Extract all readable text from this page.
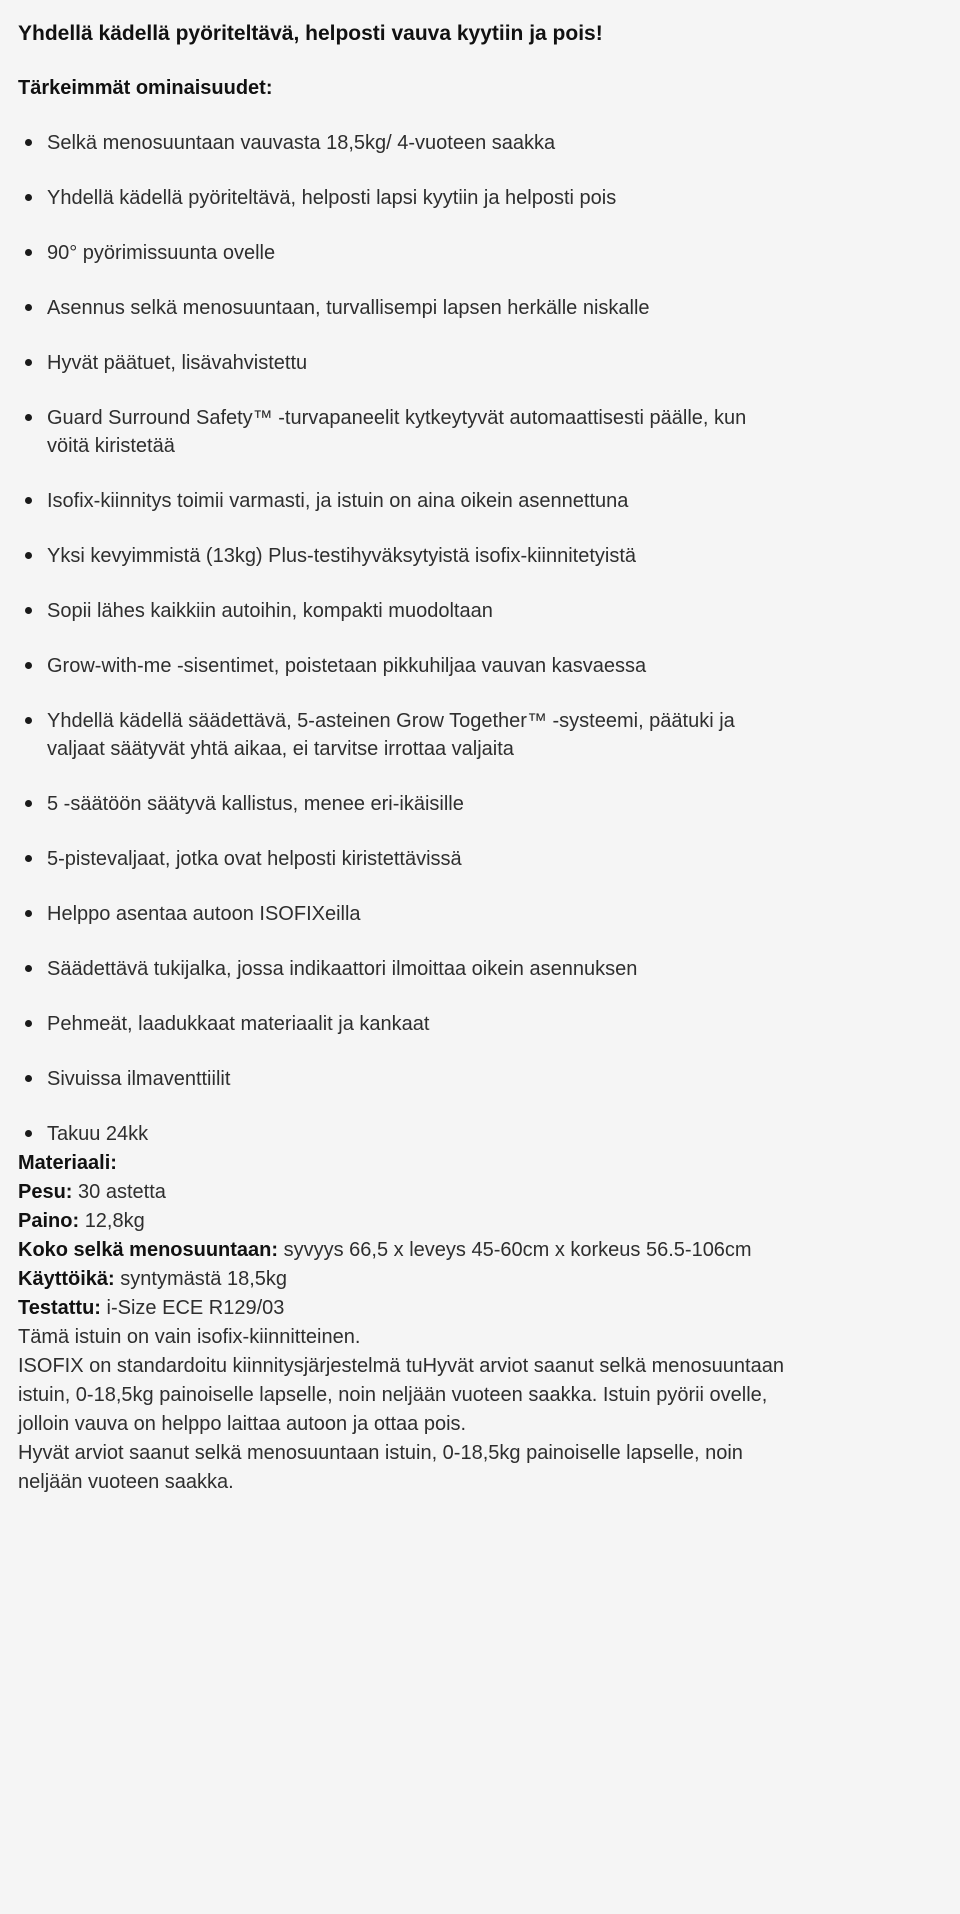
Yhdellä kädellä pyöriteltävä, helposti vauva kyytiin ja pois!
Tärkeimmät ominaisuudet:
Selkä menosuuntaan vauvasta 18,5kg/ 4-vuoteen saakka
Yhdellä kädellä pyöriteltävä, helposti lapsi kyytiin ja helposti pois
90° pyörimissuunta ovelle
Asennus selkä menosuuntaan, turvallisempi lapsen herkälle niskalle
Hyvät päätuet, lisävahvistettu
Guard Surround Safety™ -turvapaneelit kytkeytyvät automaattisesti päälle, kun vöitä kiristetää
Isofix-kiinnitys toimii varmasti, ja istuin on aina oikein asennettuna
Yksi kevyimmistä (13kg) Plus-testihyväksytyistä isofix-kiinnitetyistä
Sopii lähes kaikkiin autoihin, kompakti muodoltaan
Grow-with-me -sisentimet, poistetaan pikkuhiljaa vauvan kasvaessa
Yhdellä kädellä säädettävä, 5-asteinen Grow Together™ -systeemi, päätuki ja valjaat säätyvät yhtä aikaa, ei tarvitse irrottaa valjaita
5 -säätöön säätyvä kallistus, menee eri-ikäisille
5-pistevaljaat, jotka ovat helposti kiristettävissä
Helppo asentaa autoon ISOFIXeilla
Säädettävä tukijalka, jossa indikaattori ilmoittaa oikein asennuksen
Pehmeät, laadukkaat materiaalit ja kankaat
Sivuissa ilmaventtiilit
Takuu 24kk

Materiaali:

Pesu: 30 astetta

Paino: 12,8kg

Koko selkä menosuuntaan: syvyys 66,5 x leveys 45-60cm x korkeus 56.5-106cm

Käyttöikä: syntymästä 18,5kg

Testattu: i-Size ECE R129/03

Tämä istuin on vain isofix-kiinnitteinen.

ISOFIX on standardoitu kiinnitysjärjestelmä tuHyvät arviot saanut selkä menosuuntaan istuin, 0-18,5kg painoiselle lapselle, noin neljään vuoteen saakka. Istuin pyörii ovelle, jolloin vauva on helppo laittaa autoon ja ottaa pois.

Hyvät arviot saanut selkä menosuuntaan istuin, 0-18,5kg painoiselle lapselle, noin neljään vuoteen saakka.
